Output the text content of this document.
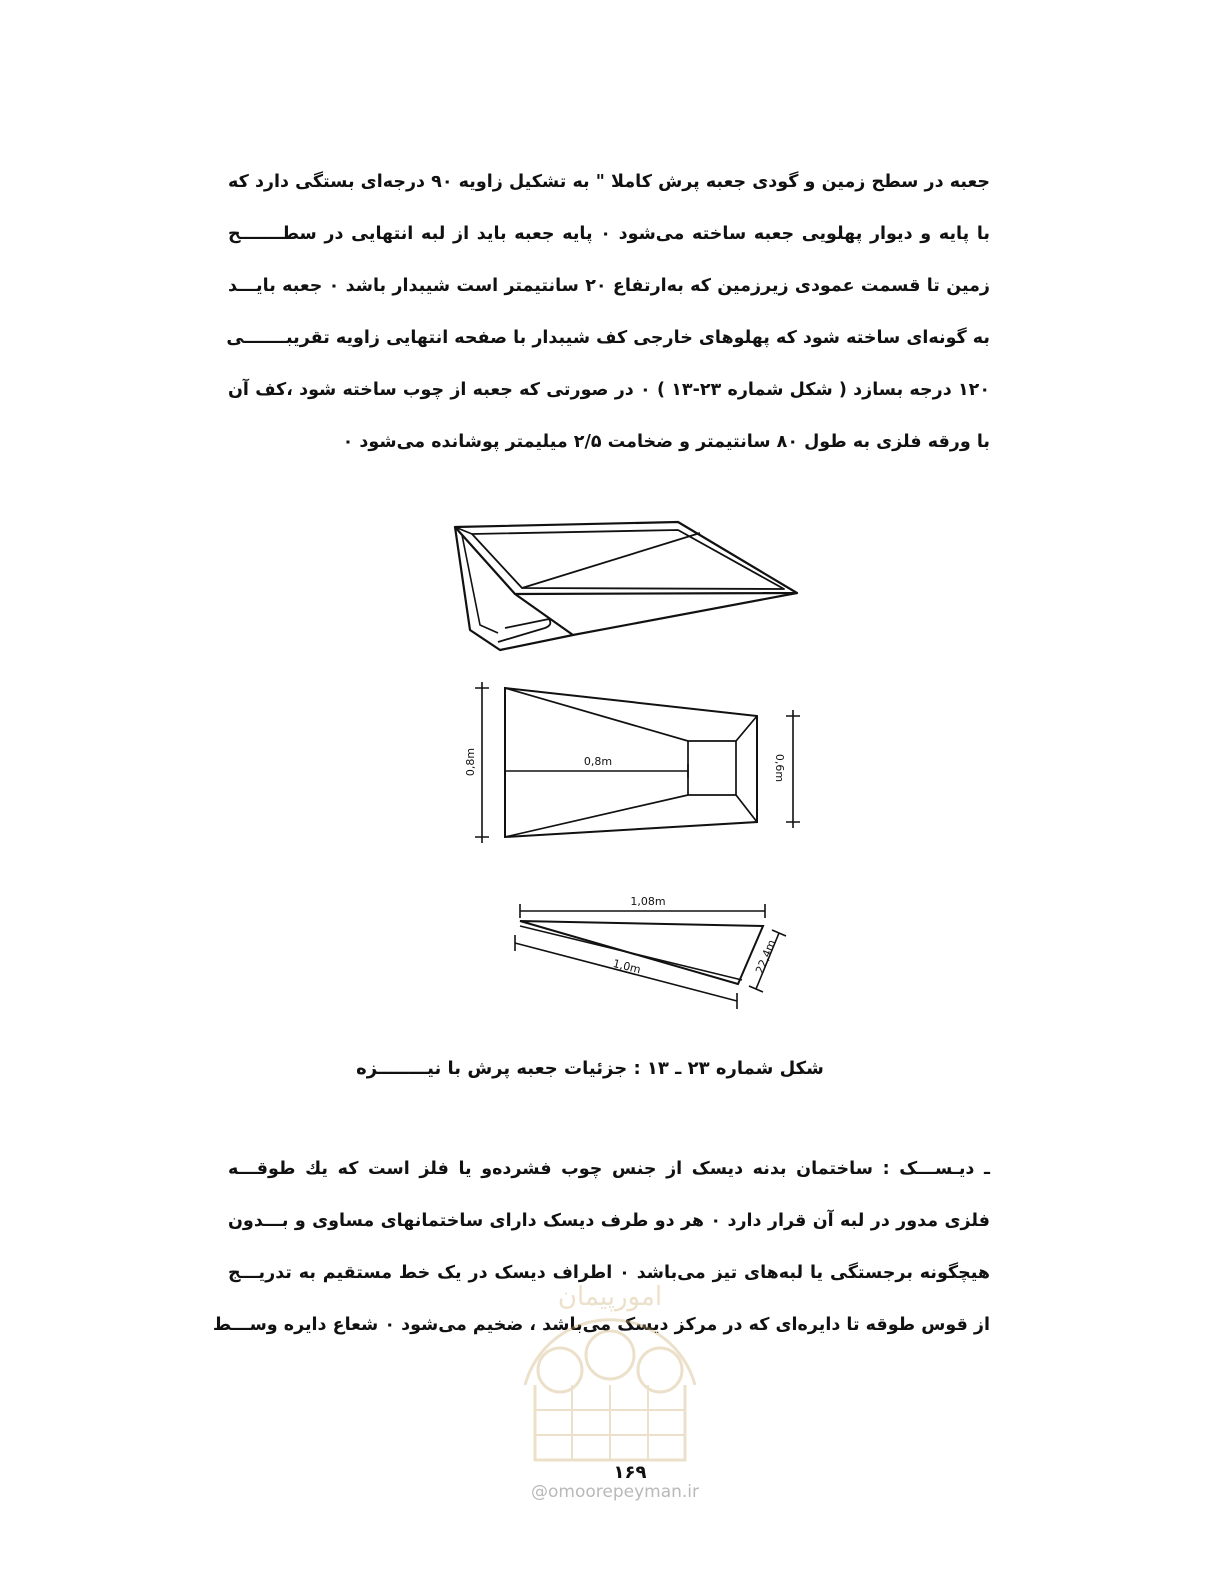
جعبه در سطح زمین و گودی جعبه پرش کاملا " به تشکیل زاویه ۹۰ درجه‌ای بستگی دارد که
با پایه و دیوار پهلویی جعبه ساخته می‌شود ۰ پایه جعبه باید از لبه انتهایی در سطـــــــح
زمین تا قسمت عمودی زیرزمین که به‌ارتفاع ۲۰ سانتیمتر است شیبدار باشد ۰ جعبه بایـــد
به گونه‌ای ساخته شود که پهلوهای خارجی کف شیبدار با صفحه انتهایی زاویه تقریبـــــــی
۱۲۰ درجه بسازد ( شکل شماره ۲۳-۱۳ ) ۰ در صورتی که جعبه از چوب ساخته شود ،کف آن
با ورقه فلزی به طول ۸۰ سانتیمتر و ضخامت ۲/۵ میلیمتر پوشانده می‌شود ۰
0,8m	0,8m	0,6m
1,08m
1,0m	22,4m
شکل شماره ۲۳ ـ ۱۳ : جزئیات جعبه پرش با نیــــــــزه
ـ دیـســـک : ساختمان بدنه دیسک از جنس چوب فشرده‌و یا فلز است که یك طوقـــه
فلزی مدور در لبه آن قرار دارد ۰ هر دو طرف دیسک دارای ساختمانهای مساوی و بـــدون
هیچگونه برجستگی یا لبه‌های تیز می‌باشد ۰ اطراف دیسک در یک خط مستقیم به تدریـــج
از قوس طوقه تا دایره‌ای که در مرکز دیسک می‌باشد ، ضخیم می‌شود ۰ شعاع دایره وســـط
امورپیمان
۱۶۹
@omoorepeyman.ir
